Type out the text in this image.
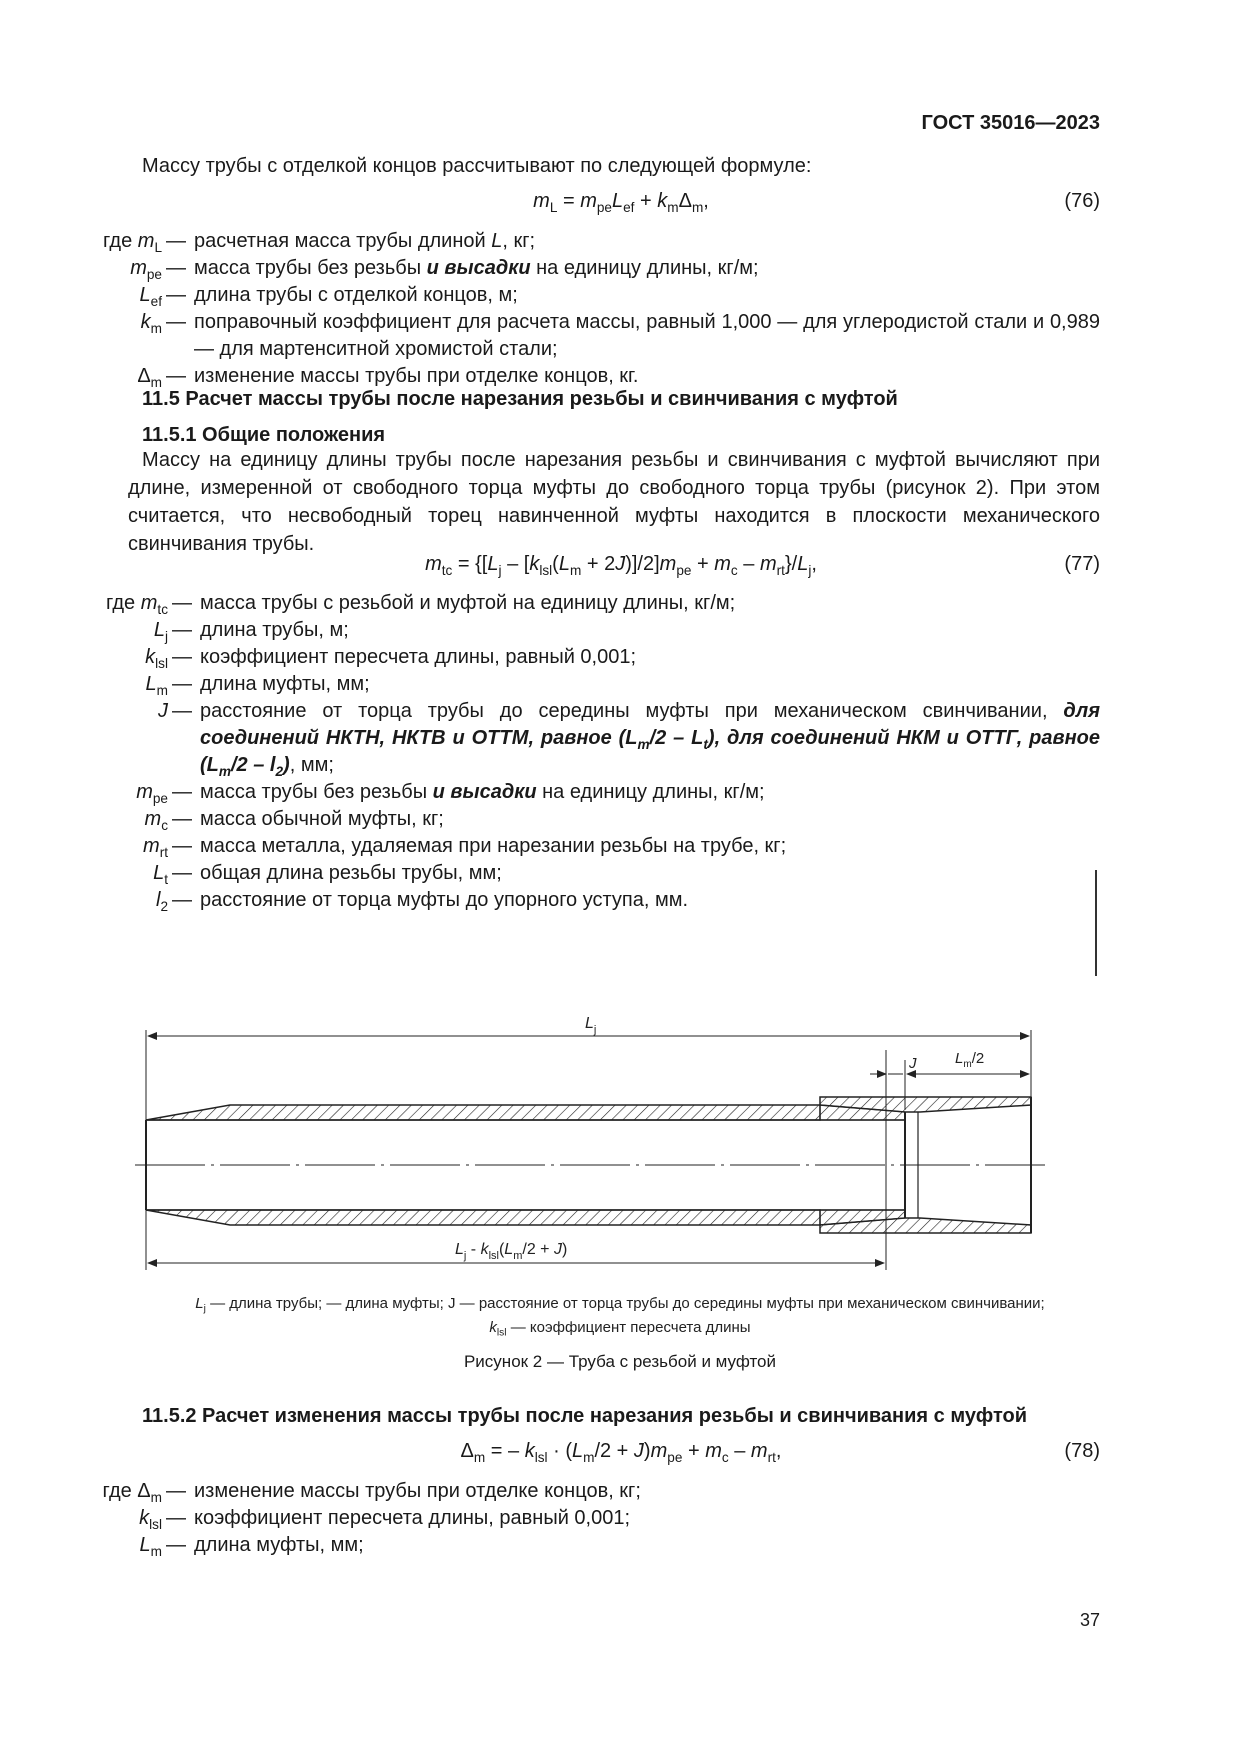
ГОСТ 35016—2023
Массу трубы с отделкой концов рассчитывают по следующей формуле:
$m_L = m_{pe}L_{ef} + k_m\Delta_m$,	(76)
где $m_L$ — расчетная масса трубы длиной L, кг;
$m_{pe}$ — масса трубы без резьбы и высадки на единицу длины, кг/м;
$L_{ef}$ — длина трубы с отделкой концов, м;
$k_m$ — поправочный коэффициент для расчета массы, равный 1,000 — для углеродистой стали и 0,989 — для мартенситной хромистой стали;
$\Delta_m$ — изменение массы трубы при отделке концов, кг.
11.5 Расчет массы трубы после нарезания резьбы и свинчивания с муфтой
11.5.1 Общие положения
Массу на единицу длины трубы после нарезания резьбы и свинчивания с муфтой вычисляют при длине, измеренной от свободного торца муфты до свободного торца трубы (рисунок 2). При этом считается, что несвободный торец навинченной муфты находится в плоскости механического свинчивания трубы.
$m_{tc} = \{[L_j - [k_{lsl}(L_m + 2J)]/2]m_{pe} + m_c - m_{rt}\}/L_j$,	(77)
где $m_{tc}$ — масса трубы с резьбой и муфтой на единицу длины, кг/м;
$L_j$ — длина трубы, м;
$k_{lsl}$ — коэффициент пересчета длины, равный 0,001;
$L_m$ — длина муфты, мм;
J — расстояние от торца трубы до середины муфты при механическом свинчивании, для соединений НКТН, НКТВ и ОТТМ, равное $(L_m/2 - L_t)$, для соединений НКМ и ОТТГ, равное $(L_m/2 - l_2)$, мм;
$m_{pe}$ — масса трубы без резьбы и высадки на единицу длины, кг/м;
$m_c$ — масса обычной муфты, кг;
$m_{rt}$ — масса металла, удаляемая при нарезании резьбы на трубе, кг;
$L_t$ — общая длина резьбы трубы, мм;
$l_2$ — расстояние от торца муфты до упорного уступа, мм.
$L_j$
J	$L_m/2$
$L_j - k_{lsl}(L_m/2 + J)$
$L_j$ — длина трубы; — длина муфты; J — расстояние от торца трубы до середины муфты при механическом свинчивании;
$k_{lsl}$ — коэффициент пересчета длины
Рисунок 2 — Труба с резьбой и муфтой
11.5.2 Расчет изменения массы трубы после нарезания резьбы и свинчивания с муфтой
$\Delta_m$ = – $k_{lsl} \cdot (L_m/2 + J)m_{pe} + m_c - m_{rt}$,	(78)
где $\Delta_m$ — изменение массы трубы при отделке концов, кг;
$k_{lsl}$ — коэффициент пересчета длины, равный 0,001;
$L_m$ — длина муфты, мм;
37
